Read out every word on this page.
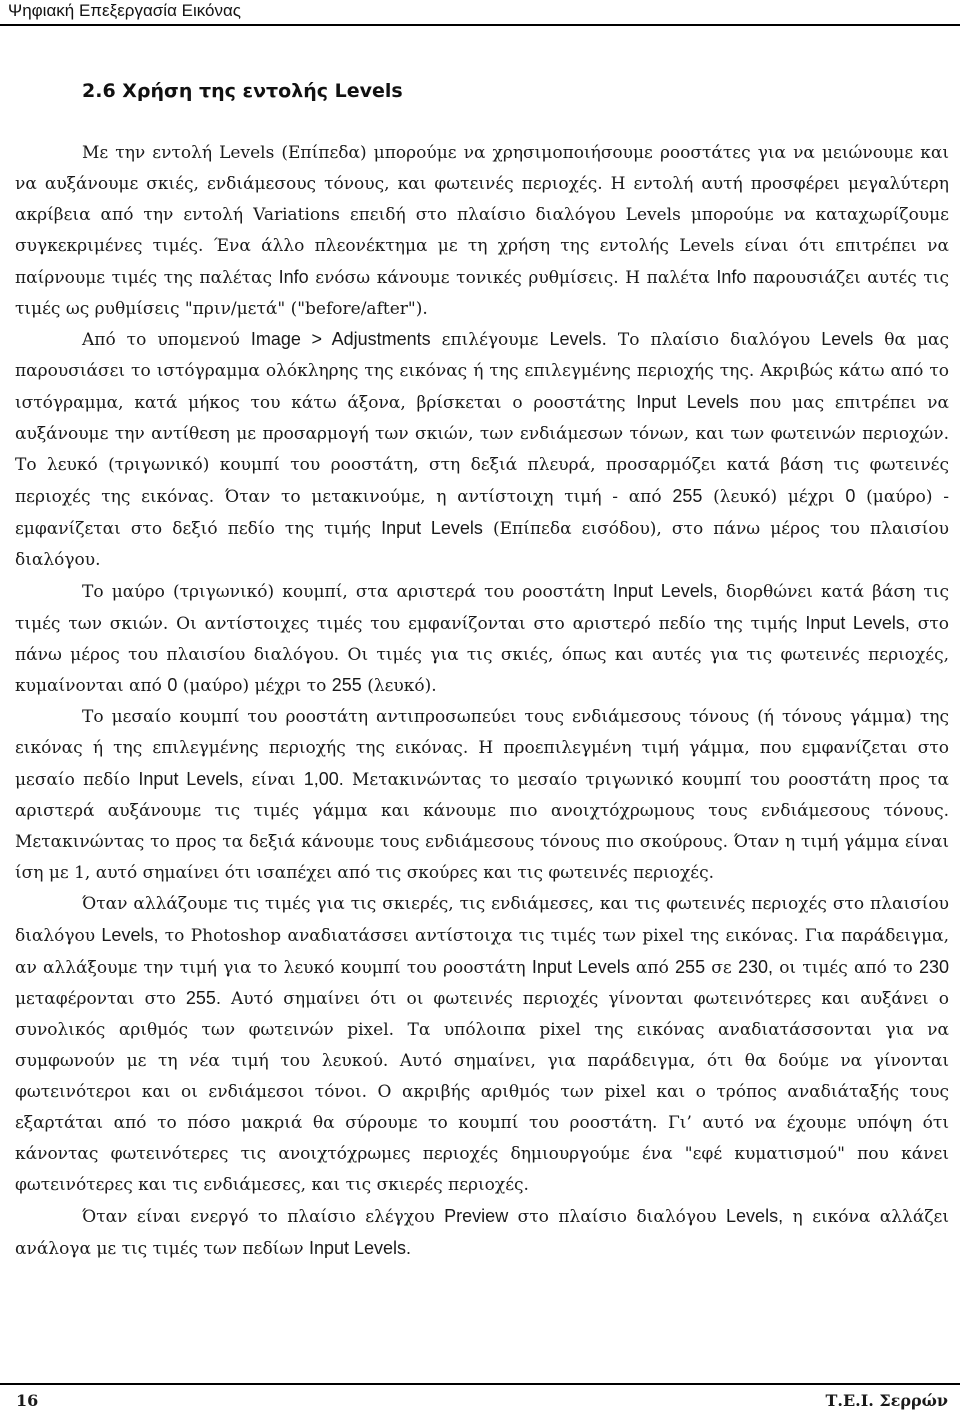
Ψηφιακή Επεξεργασία Εικόνας
2.6 Χρήση της εντολής Levels

Με την εντολή Levels (Επίπεδα) μπορούμε να χρησιμοποιήσουμε ροοστάτες για να μειώνουμε και να αυξάνουμε σκιές, ενδιάμεσους τόνους, και φωτεινές περιοχές. Η εντολή αυτή προσφέρει μεγαλύτερη ακρίβεια από την εντολή Variations επειδή στο πλαίσιο διαλόγου Levels μπορούμε να καταχωρίζουμε συγκεκριμένες τιμές. Ένα άλλο πλεονέκτημα με τη χρήση της εντολής Levels είναι ότι επιτρέπει να παίρνουμε τιμές της παλέτας Info ενόσω κάνουμε τονικές ρυθμίσεις. Η παλέτα Info παρουσιάζει αυτές τις τιμές ως ρυθμίσεις "πριν/μετά" ("before/after").

Από το υπομενού Image > Adjustments επιλέγουμε Levels. Το πλαίσιο διαλόγου Levels θα μας παρουσιάσει το ιστόγραμμα ολόκληρης της εικόνας ή της επιλεγμένης περιοχής της. Ακριβώς κάτω από το ιστόγραμμα, κατά μήκος του κάτω άξονα, βρίσκεται ο ροοστάτης Input Levels που μας επιτρέπει να αυξάνουμε την αντίθεση με προσαρμογή των σκιών, των ενδιάμεσων τόνων, και των φωτεινών περιοχών. Το λευκό (τριγωνικό) κουμπί του ροοστάτη, στη δεξιά πλευρά, προσαρμόζει κατά βάση τις φωτεινές περιοχές της εικόνας. Όταν το μετακινούμε, η αντίστοιχη τιμή - από 255 (λευκό) μέχρι 0 (μαύρο) - εμφανίζεται στο δεξιό πεδίο της τιμής Input Levels (Επίπεδα εισόδου), στο πάνω μέρος του πλαισίου διαλόγου.

Το μαύρο (τριγωνικό) κουμπί, στα αριστερά του ροοστάτη Input Levels, διορθώνει κατά βάση τις τιμές των σκιών. Οι αντίστοιχες τιμές του εμφανίζονται στο αριστερό πεδίο της τιμής Input Levels, στο πάνω μέρος του πλαισίου διαλόγου. Οι τιμές για τις σκιές, όπως και αυτές για τις φωτεινές περιοχές, κυμαίνονται από 0 (μαύρο) μέχρι το 255 (λευκό).

Το μεσαίο κουμπί του ροοστάτη αντιπροσωπεύει τους ενδιάμεσους τόνους (ή τόνους γάμμα) της εικόνας ή της επιλεγμένης περιοχής της εικόνας. Η προεπιλεγμένη τιμή γάμμα, που εμφανίζεται στο μεσαίο πεδίο Input Levels, είναι 1,00. Μετακινώντας το μεσαίο τριγωνικό κουμπί του ροοστάτη προς τα αριστερά αυξάνουμε τις τιμές γάμμα και κάνουμε πιο ανοιχτόχρωμους τους ενδιάμεσους τόνους. Μετακινώντας το προς τα δεξιά κάνουμε τους ενδιάμεσους τόνους πιο σκούρους. Όταν η τιμή γάμμα είναι ίση με 1, αυτό σημαίνει ότι ισαπέχει από τις σκούρες και τις φωτεινές περιοχές.

Όταν αλλάζουμε τις τιμές για τις σκιερές, τις ενδιάμεσες, και τις φωτεινές περιοχές στο πλαισίου διαλόγου Levels, το Photoshop αναδιατάσσει αντίστοιχα τις τιμές των pixel της εικόνας. Για παράδειγμα, αν αλλάξουμε την τιμή για το λευκό κουμπί του ροοστάτη Input Levels από 255 σε 230, οι τιμές από το 230 μεταφέρονται στο 255. Αυτό σημαίνει ότι οι φωτεινές περιοχές γίνονται φωτεινότερες και αυξάνει ο συνολικός αριθμός των φωτεινών pixel. Τα υπόλοιπα pixel της εικόνας αναδιατάσσονται για να συμφωνούν με τη νέα τιμή του λευκού. Αυτό σημαίνει, για παράδειγμα, ότι θα δούμε να γίνονται φωτεινότεροι και οι ενδιάμεσοι τόνοι. Ο ακριβής αριθμός των pixel και ο τρόπος αναδιάταξής τους εξαρτάται από το πόσο μακριά θα σύρουμε το κουμπί του ροοστάτη. Γι’ αυτό να έχουμε υπόψη ότι κάνοντας φωτεινότερες τις ανοιχτόχρωμες περιοχές δημιουργούμε ένα "εφέ κυματισμού" που κάνει φωτεινότερες και τις ενδιάμεσες, και τις σκιερές περιοχές.

Όταν είναι ενεργό το πλαίσιο ελέγχου Preview στο πλαίσιο διαλόγου Levels, η εικόνα αλλάζει ανάλογα με τις τιμές των πεδίων Input Levels.

16	Τ.Ε.Ι. Σερρών
